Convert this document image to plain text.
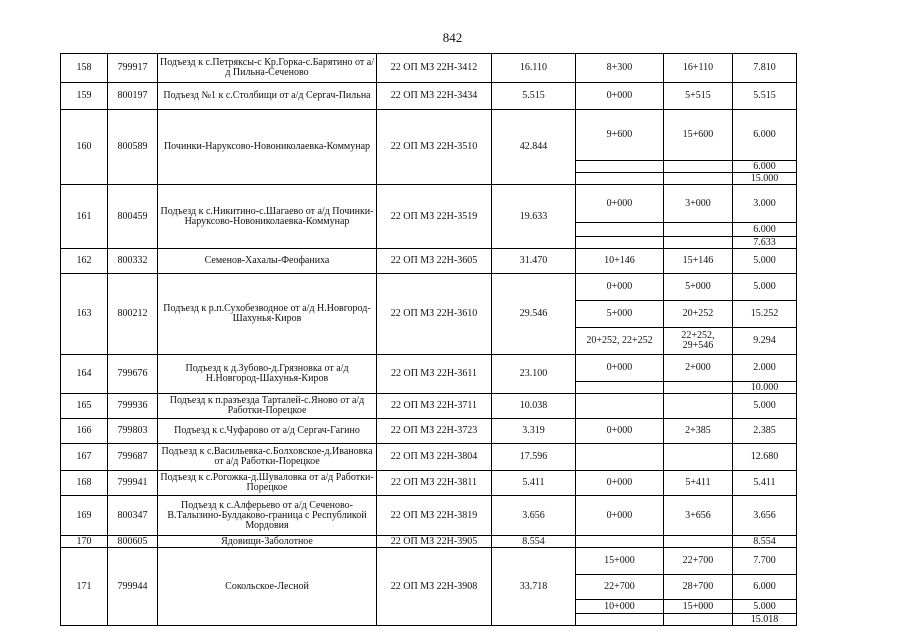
842
158	799917	Подъезд к с.Петряксы-с Кр.Горка-с.Барятино от а/д Пильна-Сеченово	22 ОП МЗ 22Н-3412	16.110	8+300	16+110	7.810
159	800197	Подъезд №1 к с.Столбищи от а/д Сергач-Пильна	22 ОП МЗ 22Н-3434	5.515	0+000	5+515	5.515
160	800589	Починки-Наруксово-Новониколаевка-Коммунар	22 ОП МЗ 22Н-3510	42.844	9+600	15+600	6.000
							6.000
							15.000
161	800459	Подъезд к с.Никитино-с.Шагаево от а/д Починки-Наруксово-Новониколаевка-Коммунар	22 ОП МЗ 22Н-3519	19.633	0+000	3+000	3.000
							6.000
							7.633
162	800332	Семенов-Хахалы-Феофаниха	22 ОП МЗ 22Н-3605	31.470	10+146	15+146	5.000
163	800212	Подъезд к р.п.Сухобезводное от а/д Н.Новгород-Шахунья-Киров	22 ОП МЗ 22Н-3610	29.546	0+000	5+000	5.000
					5+000	20+252	15.252
					20+252, 22+252	22+252, 29+546	9.294
164	799676	Подъезд к д.Зубово-д.Грязновка от а/д Н.Новгород-Шахунья-Киров	22 ОП МЗ 22Н-3611	23.100	0+000	2+000	2.000
							10.000
165	799936	Подъезд к п.разъезда Тарталей-с.Яново от а/д Работки-Порецкое	22 ОП МЗ 22Н-3711	10.038			5.000
166	799803	Подъезд к с.Чуфарово от а/д Сергач-Гагино	22 ОП МЗ 22Н-3723	3.319	0+000	2+385	2.385
167	799687	Подъезд к с.Васильевка-с.Болховское-д.Ивановка от а/д Работки-Порецкое	22 ОП МЗ 22Н-3804	17.596			12.680
168	799941	Подъезд к с.Рогожка-д.Шуваловка от а/д Работки-Порецкое	22 ОП МЗ 22Н-3811	5.411	0+000	5+411	5.411
169	800347	Подъезд к с.Алферьево от а/д Сеченово-В.Талызино-Булдаково-граница с Республикой Мордовия	22 ОП МЗ 22Н-3819	3.656	0+000	3+656	3.656
170	800605	Ядовищи-Заболотное	22 ОП МЗ 22Н-3905	8.554			8.554
171	799944	Сокольское-Лесной	22 ОП МЗ 22Н-3908	33.718	15+000	22+700	7.700
					22+700	28+700	6.000
					10+000	15+000	5.000
							15.018
